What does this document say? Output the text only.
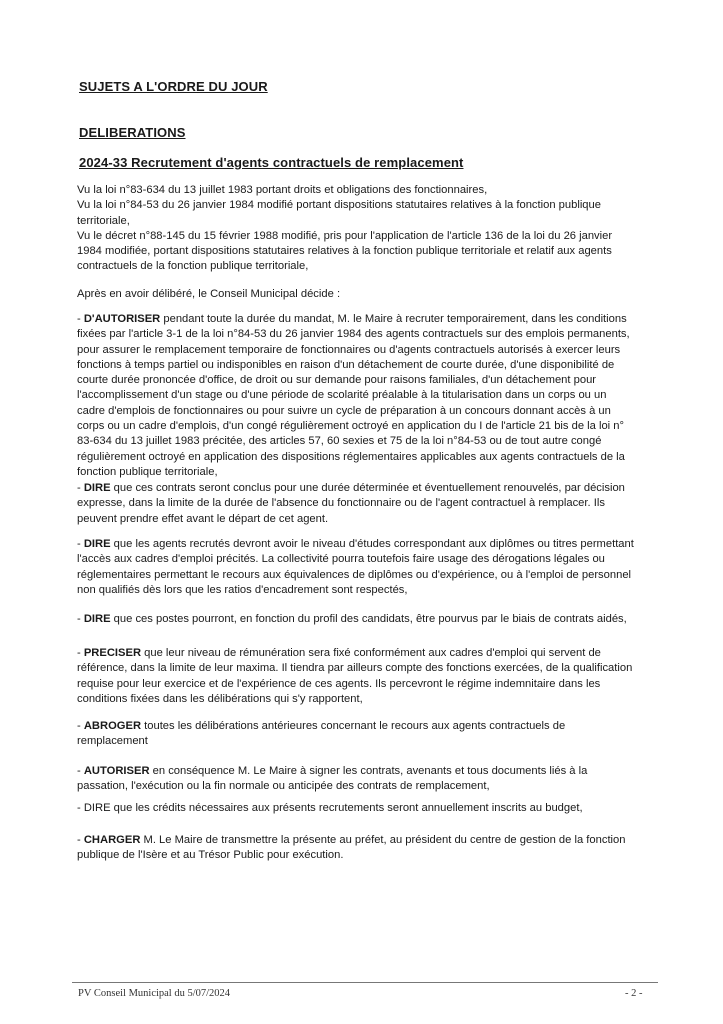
SUJETS A L'ORDRE DU JOUR
DELIBERATIONS
2024-33 Recrutement d'agents contractuels de remplacement

Vu la loi n°83-634 du 13 juillet 1983 portant droits et obligations des fonctionnaires,

Vu la loi n°84-53 du 26 janvier 1984 modifié portant dispositions statutaires relatives à la fonction publique territoriale,

Vu le décret n°88-145 du 15 février 1988 modifié, pris pour l'application de l'article 136 de la loi du 26 janvier 1984 modifiée, portant dispositions statutaires relatives à la fonction publique territoriale et relatif aux agents contractuels de la fonction publique territoriale,

Après en avoir délibéré, le Conseil Municipal décide :
- D'AUTORISER pendant toute la durée du mandat, M. le Maire à recruter temporairement, dans les conditions fixées par l'article 3-1 de la loi n°84-53 du 26 janvier 1984 des agents contractuels sur des emplois permanents, pour assurer le remplacement temporaire de fonctionnaires ou d'agents contractuels autorisés à exercer leurs fonctions à temps partiel ou indisponibles en raison d'un détachement de courte durée, d'une disponibilité de courte durée prononcée d'office, de droit ou sur demande pour raisons familiales, d'un détachement pour l'accomplissement d'un stage ou d'une période de scolarité préalable à la titularisation dans un corps ou un cadre d'emplois de fonctionnaires ou pour suivre un cycle de préparation à un concours donnant accès à un corps ou un cadre d'emplois, d'un congé régulièrement octroyé en application du I de l'article 21 bis de la loi n° 83-634 du 13 juillet 1983 précitée, des articles 57, 60 sexies et 75 de la loi n°84-53 ou de tout autre congé régulièrement octroyé en application des dispositions réglementaires applicables aux agents contractuels de la fonction publique territoriale,
- DIRE que ces contrats seront conclus pour une durée déterminée et éventuellement renouvelés, par décision expresse, dans la limite de la durée de l'absence du fonctionnaire ou de l'agent contractuel à remplacer. Ils peuvent prendre effet avant le départ de cet agent.
- DIRE que les agents recrutés devront avoir le niveau d'études correspondant aux diplômes ou titres permettant l'accès aux cadres d'emploi précités. La collectivité pourra toutefois faire usage des dérogations légales ou réglementaires permettant le recours aux équivalences de diplômes ou d'expérience, ou à l'emploi de personnel non qualifiés dès lors que les ratios d'encadrement sont respectés,
- DIRE que ces postes pourront, en fonction du profil des candidats, être pourvus par le biais de contrats aidés,
- PRECISER que leur niveau de rémunération sera fixé conformément aux cadres d'emploi qui servent de référence, dans la limite de leur maxima. Il tiendra par ailleurs compte des fonctions exercées, de la qualification requise pour leur exercice et de l'expérience de ces agents. Ils percevront le régime indemnitaire dans les conditions fixées dans les délibérations qui s'y rapportent,
- ABROGER toutes les délibérations antérieures concernant le recours aux agents contractuels de remplacement
- AUTORISER en conséquence M. Le Maire à signer les contrats, avenants et tous documents liés à la passation, l'exécution ou la fin normale ou anticipée des contrats de remplacement,
- DIRE que les crédits nécessaires aux présents recrutements seront annuellement inscrits au budget,
- CHARGER M. Le Maire de transmettre la présente au préfet, au président du centre de gestion de la fonction publique de l'Isère et au Trésor Public pour exécution.
PV Conseil Municipal du 5/07/2024	- 2 -
